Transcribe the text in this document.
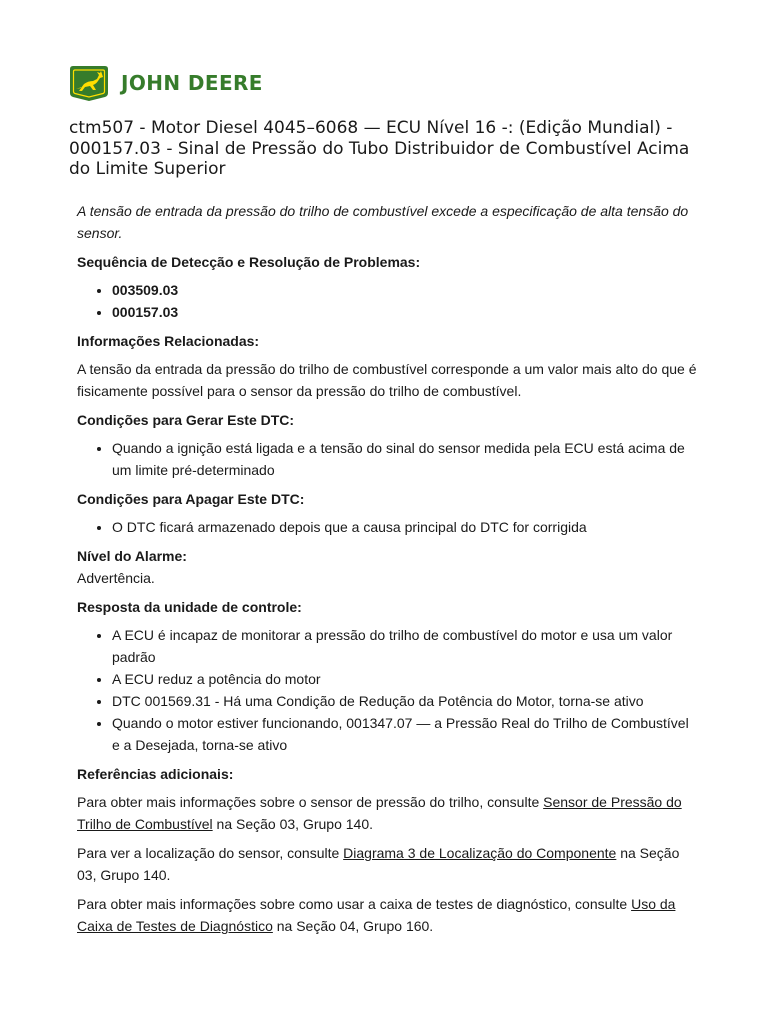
JOHN DEERE
ctm507 - Motor Diesel 4045–6068 — ECU Nível 16 -: (Edição Mundial) - 000157.03 - Sinal de Pressão do Tubo Distribuidor de Combustível Acima do Limite Superior

A tensão de entrada da pressão do trilho de combustível excede a especificação de alta tensão do sensor.

Sequência de Detecção e Resolução de Problemas:

• 003509.03
• 000157.03

Informações Relacionadas:

A tensão da entrada da pressão do trilho de combustível corresponde a um valor mais alto do que é fisicamente possível para o sensor da pressão do trilho de combustível.

Condições para Gerar Este DTC:

• Quando a ignição está ligada e a tensão do sinal do sensor medida pela ECU está acima de um limite pré-determinado

Condições para Apagar Este DTC:

• O DTC ficará armazenado depois que a causa principal do DTC for corrigida

Nível do Alarme:

Advertência.

Resposta da unidade de controle:

• A ECU é incapaz de monitorar a pressão do trilho de combustível do motor e usa um valor padrão
• A ECU reduz a potência do motor
• DTC 001569.31 - Há uma Condição de Redução da Potência do Motor, torna-se ativo
• Quando o motor estiver funcionando, 001347.07 — a Pressão Real do Trilho de Combustível e a Desejada, torna-se ativo

Referências adicionais:

Para obter mais informações sobre o sensor de pressão do trilho, consulte Sensor de Pressão do Trilho de Combustível na Seção 03, Grupo 140.

Para ver a localização do sensor, consulte Diagrama 3 de Localização do Componente na Seção 03, Grupo 140.

Para obter mais informações sobre como usar a caixa de testes de diagnóstico, consulte Uso da Caixa de Testes de Diagnóstico na Seção 04, Grupo 160.
